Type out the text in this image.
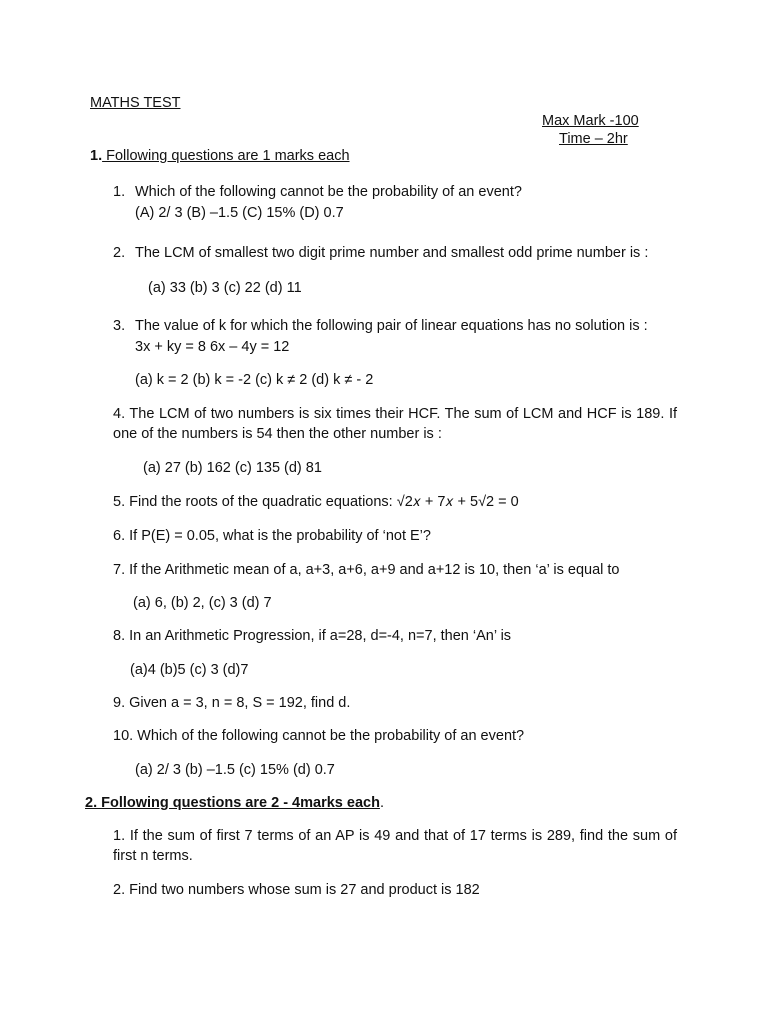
MATHS TEST
Max Mark -100
Time – 2hr
1. Following questions are 1 marks each
1. Which of the following cannot be the probability of an event?
(A) 2/ 3 (B) –1.5 (C) 15% (D) 0.7
2. The LCM of smallest two digit prime number and smallest odd prime number is :
(a) 33 (b) 3 (c) 22 (d) 11
3. The value of k for which the following pair of linear equations has no solution is :
3x + ky = 8 6x – 4y = 12
(a) k = 2 (b) k = -2 (c) k ≠ 2 (d) k ≠ - 2
4. The LCM of two numbers is six times their HCF. The sum of LCM and HCF is 189. If one of the numbers is 54 then the other number is :
(a) 27 (b) 162 (c) 135 (d) 81
5. Find the roots of the quadratic equations: √2𝑥 + 7𝑥 + 5√2 = 0
6. If P(E) = 0.05, what is the probability of ‘not E’?
7. If the Arithmetic mean of a, a+3, a+6, a+9 and a+12 is 10, then ‘a’ is equal to
(a) 6, (b) 2, (c) 3 (d) 7
8. In an Arithmetic Progression, if a=28, d=-4, n=7, then ‘An’ is
(a)4 (b)5 (c) 3 (d)7
9. Given a = 3, n = 8, S = 192, find d.
10. Which of the following cannot be the probability of an event?
(a) 2/ 3 (b) –1.5 (c) 15% (d) 0.7
2. Following questions are 2 - 4marks each.
1. If the sum of first 7 terms of an AP is 49 and that of 17 terms is 289, find the sum of first n terms.
2. Find two numbers whose sum is 27 and product is 182
